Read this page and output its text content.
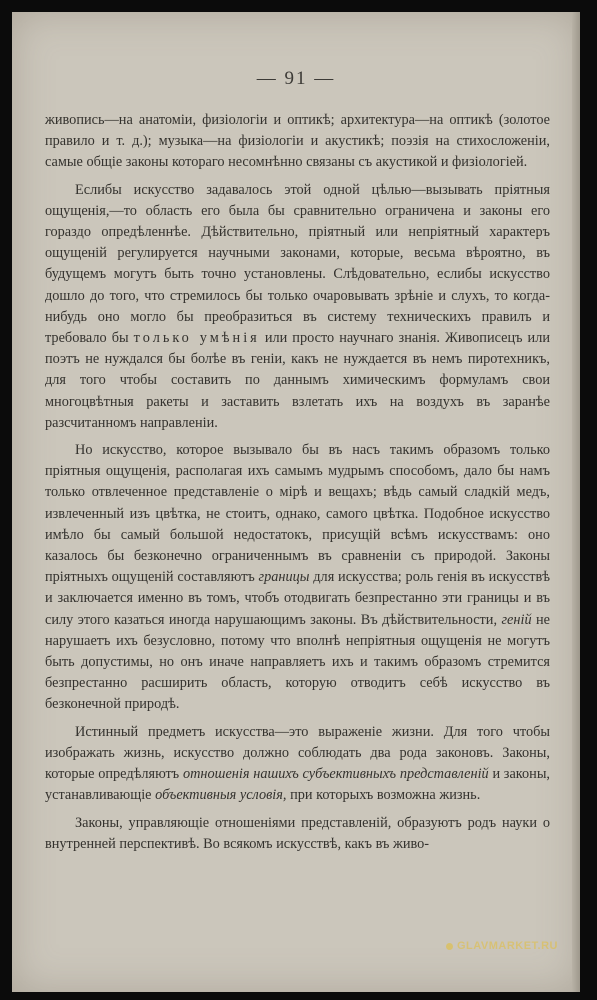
— 91 —

живопись—на анатомiи, физiологiи и оптикѣ; архитектура—на оптикѣ (золотое правило и т. д.); музыка—на физiологiи и акустикѣ; поэзiя на стихосложенiи, самые общiе законы котораго несомнѣнно связаны съ акустикой и физiологiей.

Еслибы искусство задавалось этой одной цѣлью—вызывать прiятныя ощущенiя,—то область его была бы сравнительно ограничена и законы его гораздо опредѣленнѣе. Дѣйствительно, прiятный или непрiятный характеръ ощущенiй регулируется научными законами, которые, весьма вѣроятно, въ будущемъ могутъ быть точно установлены. Слѣдовательно, еслибы искусство дошло до того, что стремилось бы только очаровывать зрѣнiе и слухъ, то когда-нибудь оно могло бы преобразиться въ систему техническихъ правилъ и требовало бы только умѣнiя или просто научнаго знанiя. Живописецъ или поэтъ не нуждался бы болѣе въ генiи, какъ не нуждается въ немъ пиротехникъ, для того чтобы составить по даннымъ химическимъ формуламъ свои многоцвѣтныя ракеты и заставить взлетать ихъ на воздухъ въ заранѣе разсчитанномъ направленiи.

Но искусство, которое вызывало бы въ насъ такимъ образомъ только прiятныя ощущенiя, располагая ихъ самымъ мудрымъ способомъ, дало бы намъ только отвлеченное представленiе о мiрѣ и вещахъ; вѣдь самый сладкiй медъ, извлеченный изъ цвѣтка, не стоитъ, однако, самого цвѣтка. Подобное искусство имѣло бы самый большой недостатокъ, присущiй всѣмъ искусствамъ: оно казалось бы безконечно ограниченнымъ въ сравненiи съ природой. Законы прiятныхъ ощущенiй составляютъ границы для искусства; роль генiя въ искусствѣ и заключается именно въ томъ, чтобъ отодвигать безпрестанно эти границы и въ силу этого казаться иногда нарушающимъ законы. Въ дѣйствительности, генiй не нарушаетъ ихъ безусловно, потому что вполнѣ непрiятныя ощущенiя не могутъ быть допустимы, но онъ иначе направляетъ ихъ и такимъ образомъ стремится безпрестанно расширить область, которую отводитъ себѣ искусство въ безконечной природѣ.

Истинный предметъ искусства—это выраженiе жизни. Для того чтобы изображать жизнь, искусство должно соблюдать два рода законовъ. Законы, которые опредѣляютъ отношенiя нашихъ субъективныхъ представленiй и законы, устанавливающiе объективныя условiя, при которыхъ возможна жизнь.

Законы, управляющiе отношенiями представленiй, образуютъ родъ науки о внутренней перспективѣ. Во всякомъ искусствѣ, какъ въ живо-

GLAVMARKET.RU
